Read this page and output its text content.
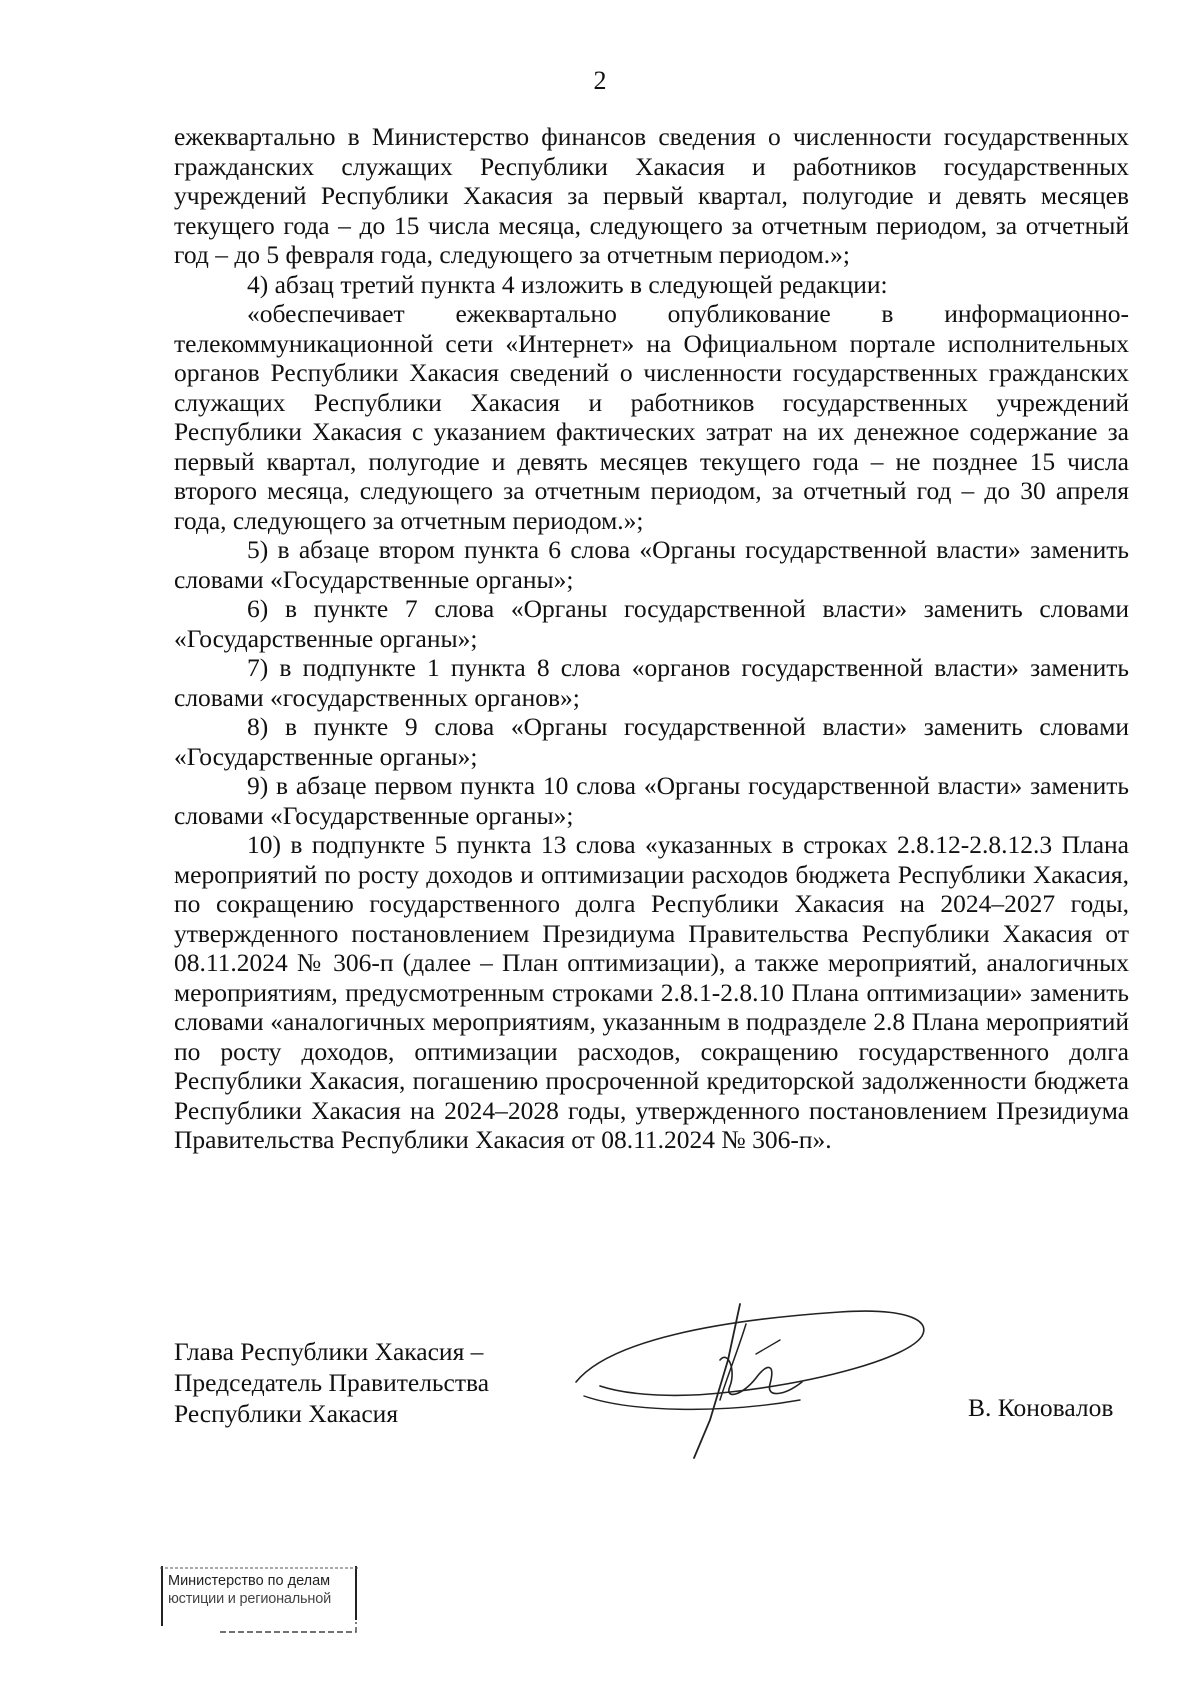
2

ежеквартально в Министерство финансов сведения о численности государственных гражданских служащих Республики Хакасия и работников государственных учреждений Республики Хакасия за первый квартал, полугодие и девять месяцев текущего года – до 15 числа месяца, следующего за отчетным периодом, за отчетный год – до 5 февраля года, следующего за отчетным периодом.»;

4) абзац третий пункта 4 изложить в следующей редакции:

«обеспечивает ежеквартально опубликование в информационно-телекоммуникационной сети «Интернет» на Официальном портале исполнительных органов Республики Хакасия сведений о численности государственных гражданских служащих Республики Хакасия и работников государственных учреждений Республики Хакасия с указанием фактических затрат на их денежное содержание за первый квартал, полугодие и девять месяцев текущего года – не позднее 15 числа второго месяца, следующего за отчетным периодом, за отчетный год – до 30 апреля года, следующего за отчетным периодом.»;

5) в абзаце втором пункта 6 слова «Органы государственной власти» заменить словами «Государственные органы»;

6) в пункте 7 слова «Органы государственной власти» заменить словами «Государственные органы»;

7) в подпункте 1 пункта 8 слова «органов государственной власти» заменить словами «государственных органов»;

8) в пункте 9 слова «Органы государственной власти» заменить словами «Государственные органы»;

9) в абзаце первом пункта 10 слова «Органы государственной власти» заменить словами «Государственные органы»;

10) в подпункте 5 пункта 13 слова «указанных в строках 2.8.12-2.8.12.3 Плана мероприятий по росту доходов и оптимизации расходов бюджета Республики Хакасия, по сокращению государственного долга Республики Хакасия на 2024–2027 годы, утвержденного постановлением Президиума Правительства Республики Хакасия от 08.11.2024 № 306-п (далее – План оптимизации), а также мероприятий, аналогичных мероприятиям, предусмотренным строками 2.8.1-2.8.10 Плана оптимизации» заменить словами «аналогичных мероприятиям, указанным в подразделе 2.8 Плана мероприятий по росту доходов, оптимизации расходов, сокращению государственного долга Республики Хакасия, погашению просроченной кредиторской задолженности бюджета Республики Хакасия на 2024–2028 годы, утвержденного постановлением Президиума Правительства Республики Хакасия от 08.11.2024 № 306-п».

Глава Республики Хакасия –
Председатель Правительства
Республики Хакасия	В. Коновалов
Министерство по делам
юстиции и региональной
